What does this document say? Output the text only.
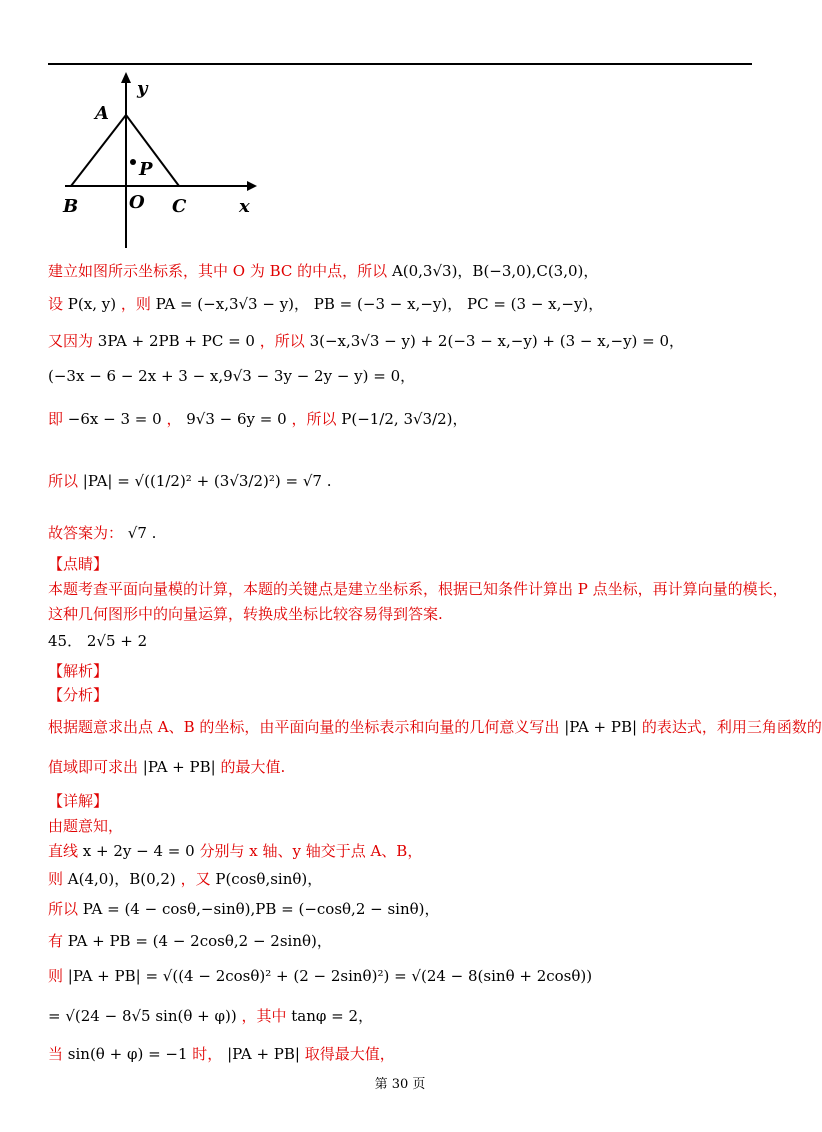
y
x
A
P
B	O C
建立如图所示坐标系，其中 O 为 BC 的中点，所以 A(0,3√3)，B(−3,0),C(3,0)，
设 P(x, y) ，则 PA = (−x,3√3 − y)， PB = (−3 − x,−y)， PC = (3 − x,−y)，
又因为 3PA + 2PB + PC = 0 ，所以 3(−x,3√3 − y) + 2(−3 − x,−y) + (3 − x,−y) = 0，
(−3x − 6 − 2x + 3 − x,9√3 − 3y − 2y − y) = 0，
即 −6x − 3 = 0 ， 9√3 − 6y = 0 ，所以 P(−1/2, 3√3/2)，
所以 |PA| = √((1/2)² + (3√3/2)²) = √7 .
故答案为： √7 .
【点睛】
本题考查平面向量模的计算，本题的关键点是建立坐标系，根据已知条件计算出 P 点坐标，再计算向量的模长，
这种几何图形中的向量运算，转换成坐标比较容易得到答案.
45． 2√5 + 2
【解析】
【分析】
根据题意求出点 A、B 的坐标，由平面向量的坐标表示和向量的几何意义写出 |PA + PB| 的表达式，利用三角函数的
值域即可求出 |PA + PB| 的最大值.
【详解】
由题意知，
直线 x + 2y − 4 = 0 分别与 x 轴、y 轴交于点 A、B，
则 A(4,0)，B(0,2) ，又 P(cosθ,sinθ)，
所以 PA = (4 − cosθ,−sinθ),PB = (−cosθ,2 − sinθ)，
有 PA + PB = (4 − 2cosθ,2 − 2sinθ)，
则 |PA + PB| = √((4 − 2cosθ)² + (2 − 2sinθ)²) = √(24 − 8(sinθ + 2cosθ))
= √(24 − 8√5 sin(θ + φ)) ，其中 tanφ = 2，
当 sin(θ + φ) = −1 时， |PA + PB| 取得最大值，
第 30 页
